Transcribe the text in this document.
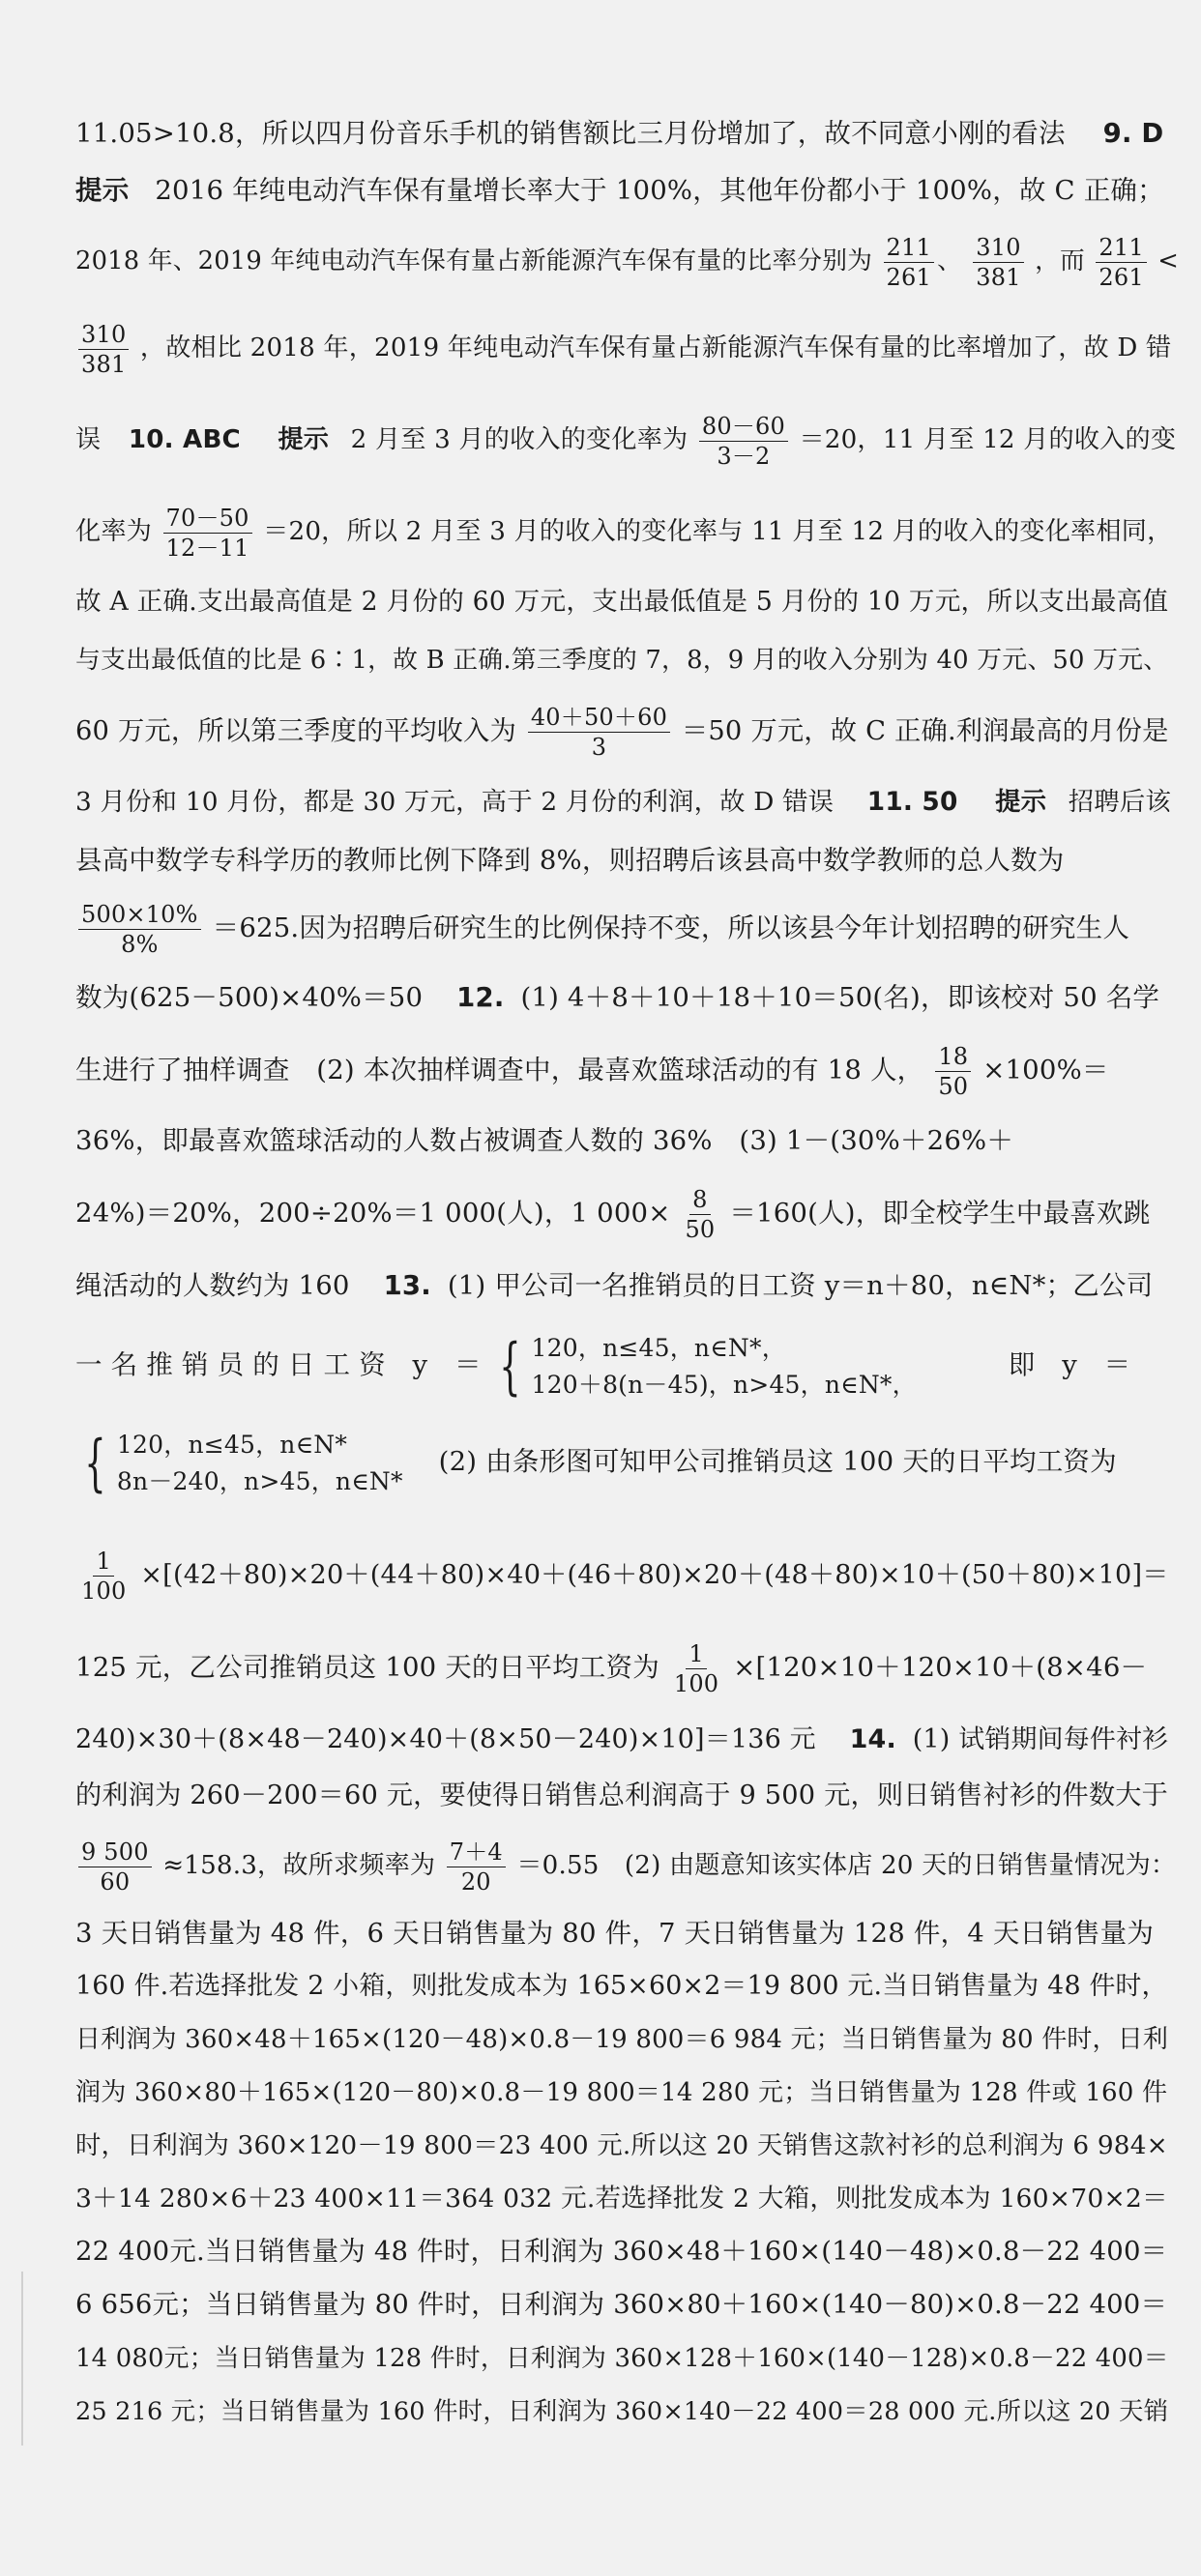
11.05>10.8，所以四月份音乐手机的销售额比三月份增加了，故不同意小刚的看法 9. D
提示 2016 年纯电动汽车保有量增长率大于 100%，其他年份都小于 100%，故 C 正确；
2018 年、2019 年纯电动汽车保有量占新能源汽车保有量的比率分别为 $\frac{211}{261}$ 、 $\frac{310}{381}$ ，而 $\frac{211}{261}$ <
$\frac{310}{381}$ ，故相比 2018 年，2019 年纯电动汽车保有量占新能源汽车保有量的比率增加了，故 D 错
误 10. ABC 提示 2 月至 3 月的收入的变化率为 $\frac{80-60}{3-2} =20$，11 月至 12 月的收入的变
化率为 $\frac{70-50}{12-11} =20$，所以 2 月至 3 月的收入的变化率与 11 月至 12 月的收入的变化率相同，
故 A 正确.支出最高值是 2 月份的 60 万元，支出最低值是 5 月份的 10 万元，所以支出最高值
与支出最低值的比是 6∶1，故 B 正确.第三季度的 7，8，9 月的收入分别为 40 万元、50 万元、
60 万元，所以第三季度的平均收入为 $\frac{40+50+60}{3} =50$ 万元，故 C 正确.利润最高的月份是
3 月份和 10 月份，都是 30 万元，高于 2 月份的利润，故 D 错误 11. 50 提示 招聘后该
县高中数学专科学历的教师比例下降到 8%，则招聘后该县高中数学教师的总人数为
$\frac{500\times 10\%}{8\%} =625$.因为招聘后研究生的比例保持不变，所以该县今年计划招聘的研究生人
数为(625－500)×40%＝50 12. (1) 4＋8＋10＋18＋10＝50(名)，即该校对 50 名学
生进行了抽样调查　(2) 本次抽样调查中，最喜欢篮球活动的有 18 人， $\frac{18}{50} \times 100\%=$
36%，即最喜欢篮球活动的人数占被调查人数的 36%　(3) 1－(30%＋26%＋
24%)＝20%，200÷20%＝1 000(人)，1 $000\times \frac{8}{50} =160$(人)，即全校学生中最喜欢跳
绳活动的人数约为 160 13. (1) 甲公司一名推销员的日工资 y＝n＋80，n∈N*；乙公司
一 名 推 销 员 的 日 工 资　y　＝ { 120，n≤45，n∈N*，
120＋8(n－45)，n>45，n∈N*，
即　y　＝
{ 120，n≤45，n∈N*
8n－240，n>45，n∈N*
(2) 由条形图可知甲公司推销员这 100 天的日平均工资为
$\frac{1}{100} \times[(42+80)\times 20+(44+80)\times 40+(46+80)\times 20+(48+80)\times 10+(50+80)\times 10]=$
125 元，乙公司推销员这 100 天的日平均工资为 $\frac{1}{100} \times[120\times 10+120\times 10+(8\times 46-$
240)×30＋(8×48－240)×40＋(8×50－240)×10]＝136 元 14. (1) 试销期间每件衬衫
的利润为 260－200＝60 元，要使得日销售总利润高于 9 500 元，则日销售衬衫的件数大于
$\frac{9 500}{60} \approx 158.3$，故所求频率为 $\frac{7+4}{20} =0.55$　(2) 由题意知该实体店 20 天的日销售量情况为：
3 天日销售量为 48 件，6 天日销售量为 80 件，7 天日销售量为 128 件，4 天日销售量为
160 件.若选择批发 2 小箱，则批发成本为 165×60×2＝19 800 元.当日销售量为 48 件时，
日利润为 360×48＋165×(120－48)×0.8－19 800＝6 984 元；当日销售量为 80 件时，日利
润为 360×80＋165×(120－80)×0.8－19 800＝14 280 元；当日销售量为 128 件或 160 件
时，日利润为 360×120－19 800＝23 400 元.所以这 20 天销售这款衬衫的总利润为 6 984×
3＋14 280×6＋23 400×11＝364 032 元.若选择批发 2 大箱，则批发成本为 160×70×2＝
22 400元.当日销售量为 48 件时，日利润为 360×48＋160×(140－48)×0.8－22 400＝
6 656元；当日销售量为 80 件时，日利润为 360×80＋160×(140－80)×0.8－22 400＝
14 080元；当日销售量为 128 件时，日利润为 360×128＋160×(140－128)×0.8－22 400＝
25 216 元；当日销售量为 160 件时，日利润为 360×140－22 400＝28 000 元.所以这 20 天销
